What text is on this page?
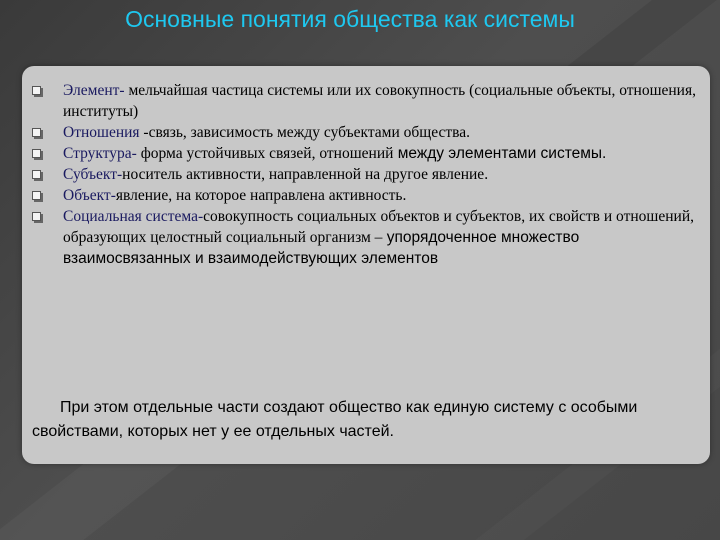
Основные понятия общества как системы
Элемент- мельчайшая частица системы или их совокупность (социальные объекты, отношения, институты)
Отношения -связь, зависимость между субъектами общества.
Структура- форма устойчивых связей, отношений между элементами системы.
Субъект-носитель активности, направленной на другое явление.
Объект-явление, на которое направлена активность.
Социальная система-совокупность социальных объектов и субъектов, их свойств и отношений, образующих целостный социальный организм – упорядоченное множество взаимосвязанных и взаимодействующих элементов
При этом отдельные части создают общество как единую систему с особыми свойствами, которых нет у ее отдельных частей.
